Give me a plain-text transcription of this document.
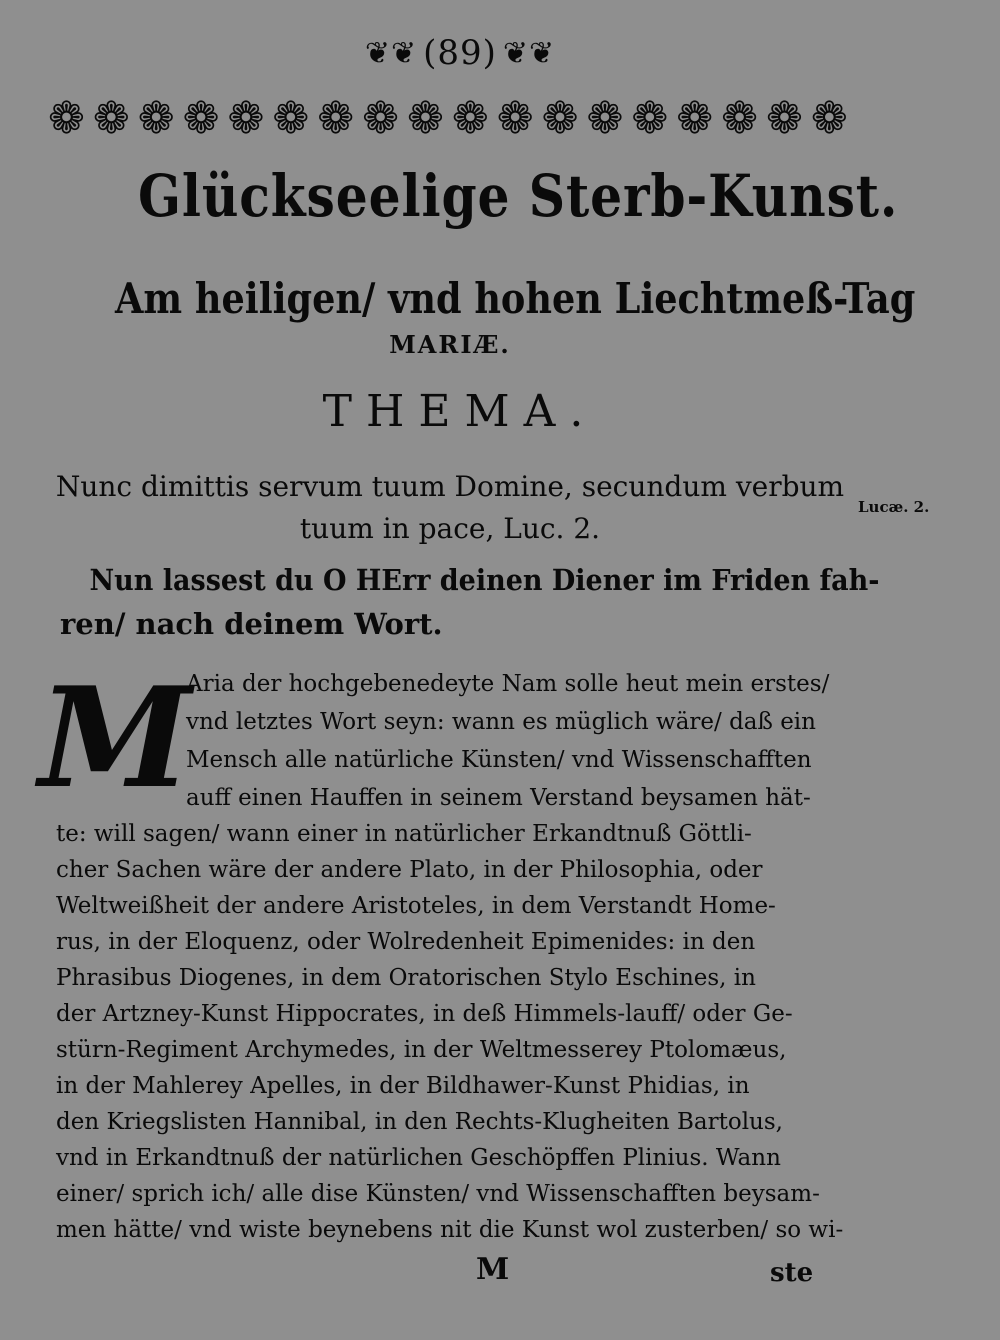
❦❦ (89) ❦❦
❁ ❁ ❁ ❁ ❁ ❁ ❁ ❁ ❁ ❁ ❁ ❁ ❁ ❁ ❁ ❁ ❁ ❁
Glückseelige Sterb-Kunst.
Am heiligen/ vnd hohen Liechtmeß-Tag
MARIÆ.
THEMA.
Nunc dimittis servum tuum Domine, secundum verbum
tuum in pace, Luc. 2.
Lucæ. 2.
Nun lassest du O HErr deinen Diener im Friden fah-
ren/ nach deinem Wort.
M
Aria der hochgebenedeyte Nam solle heut mein erstes/
vnd letztes Wort seyn: wann es müglich wäre/ daß ein
Mensch alle natürliche Künsten/ vnd Wissenschafften
auff einen Hauffen in seinem Verstand beysamen hät-
te: will sagen/ wann einer in natürlicher Erkandtnuß Göttli-
cher Sachen wäre der andere Plato, in der Philosophia, oder
Weltweißheit der andere Aristoteles, in dem Verstandt Home-
rus, in der Eloquenz, oder Wolredenheit Epimenides: in den
Phrasibus Diogenes, in dem Oratorischen Stylo Eschines, in
der Artzney-Kunst Hippocrates, in deß Himmels-lauff/ oder Ge-
stürn-Regiment Archymedes, in der Weltmesserey Ptolomæus,
in der Mahlerey Apelles, in der Bildhawer-Kunst Phidias, in
den Kriegslisten Hannibal, in den Rechts-Klugheiten Bartolus,
vnd in Erkandtnuß der natürlichen Geschöpffen Plinius. Wann
einer/ sprich ich/ alle dise Künsten/ vnd Wissenschafften beysam-
men hätte/ vnd wiste beynebens nit die Kunst wol zusterben/ so wi-
M	ste
